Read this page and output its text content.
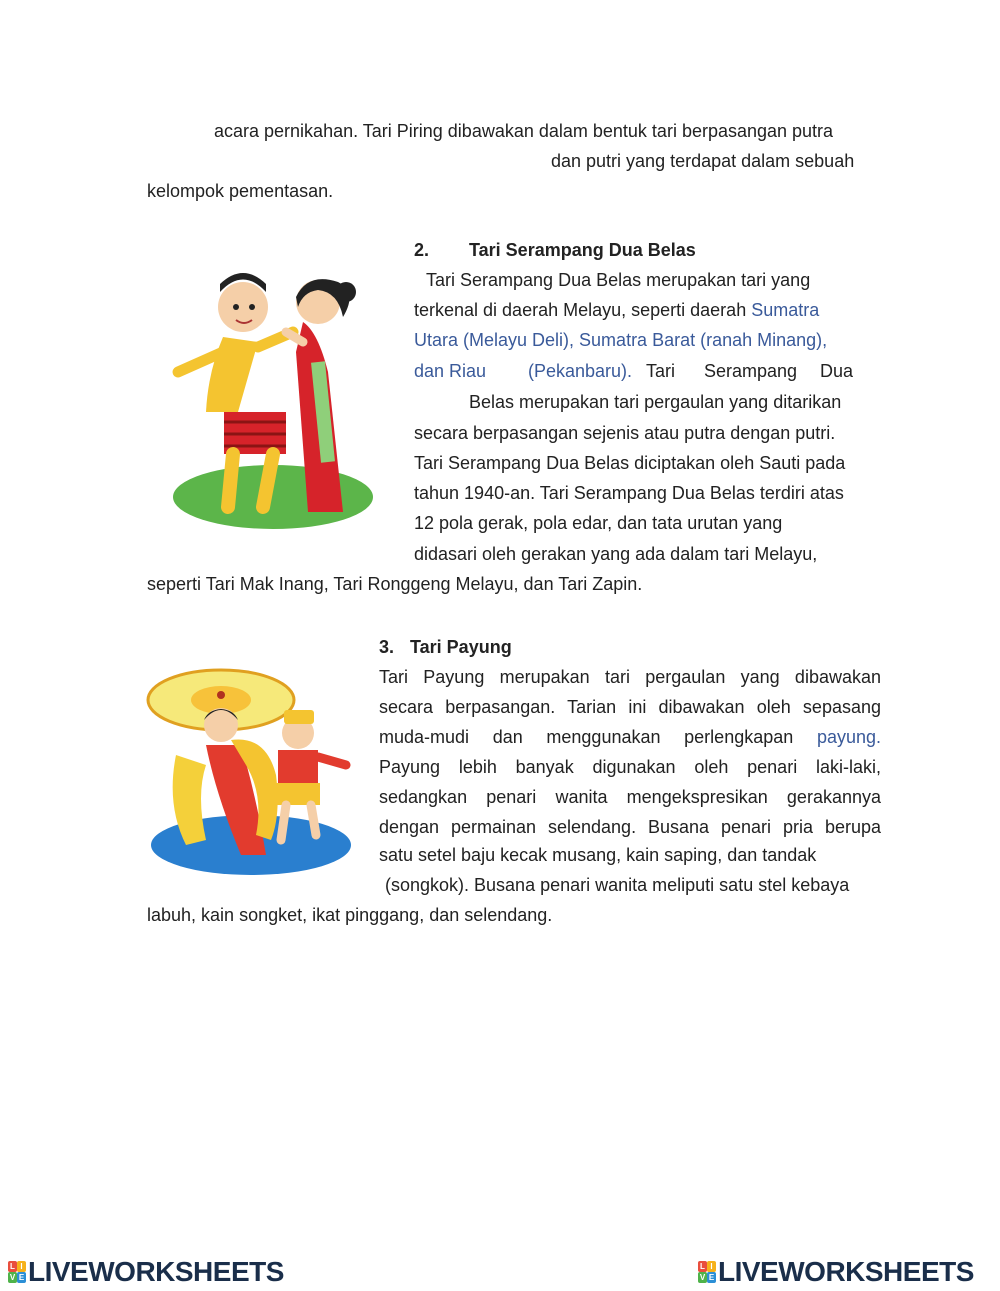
acara pernikahan. Tari Piring dibawakan dalam bentuk tari berpasangan putra
dan putri yang terdapat dalam sebuah
kelompok pementasan.
2. Tari Serampang Dua Belas
Tari Serampang Dua Belas merupakan tari yang
terkenal di daerah Melayu, seperti daerah Sumatra
Utara (Melayu Deli), Sumatra Barat (ranah Minang),
dan Riau (Pekanbaru). Tari Serampang Dua
Belas merupakan tari pergaulan yang ditarikan
secara berpasangan sejenis atau putra dengan putri.
Tari Serampang Dua Belas diciptakan oleh Sauti pada
tahun 1940-an. Tari Serampang Dua Belas terdiri atas
12 pola gerak, pola edar, dan tata urutan yang
didasari oleh gerakan yang ada dalam tari Melayu,
seperti Tari Mak Inang, Tari Ronggeng Melayu, dan Tari Zapin.
3. Tari Payung
Tari Payung merupakan tari pergaulan yang dibawakan
secara berpasangan. Tarian ini dibawakan oleh sepasang
muda-mudi dan menggunakan perlengkapan payung.
Payung lebih banyak digunakan oleh penari laki-laki,
sedangkan penari wanita mengekspresikan gerakannya
dengan permainan selendang. Busana penari pria berupa
satu setel baju kecak musang, kain saping, dan tandak
(songkok). Busana penari wanita meliputi satu stel kebaya
labuh, kain songket, ikat pinggang, dan selendang.
L I
V E LIVEWORKSHEETS	L I
V E LIVEWORKSHEETS
